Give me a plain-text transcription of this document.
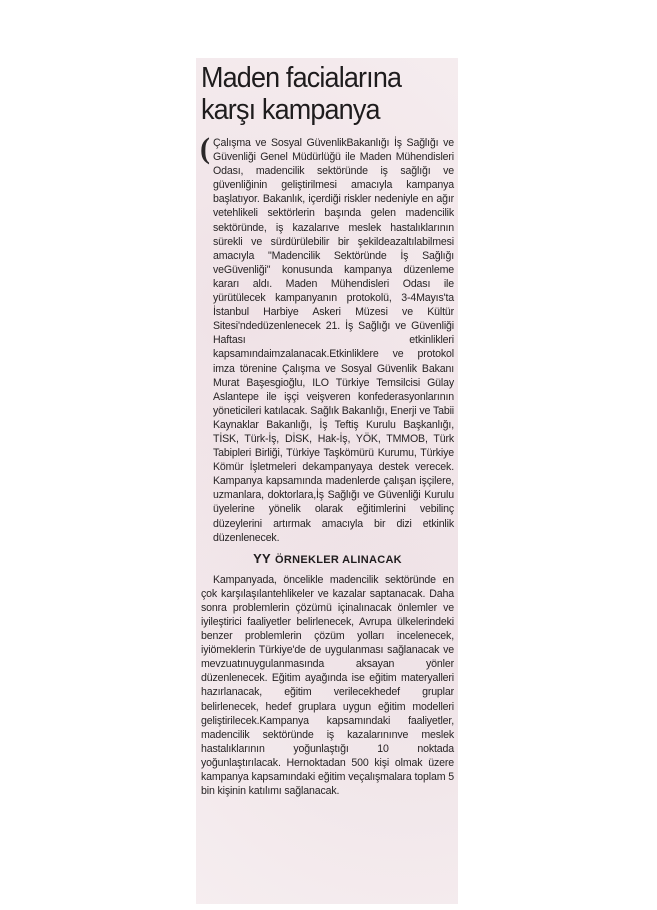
Maden facialarına karşı kampanya

( Çalışma ve Sosyal GüvenlikBakanlığı İş Sağlığı ve Güvenliği Genel Müdürlüğü ile Maden Mühendisleri Odası, madencilik sektöründe iş sağlığı ve güvenliğinin geliştirilmesi amacıyla kampanya başlatıyor. Bakanlık, içerdiği riskler nedeniyle en ağır vetehlikeli sektörlerin başında gelen madencilik sektöründe, iş kazalarıve meslek hastalıklarının sürekli ve sürdürülebilir bir şekildeazaltılabilmesi amacıyla "Madencilik Sektöründe İş Sağlığı veGüvenliği" konusunda kampanya düzenleme kararı aldı. Maden Mühendisleri Odası ile yürütülecek kampanyanın protokolü, 3-4Mayıs'ta İstanbul Harbiye Askeri Müzesi ve Kültür Sitesi'ndedüzenlenecek 21. İş Sağlığı ve Güvenliği Haftası etkinlikleri kapsamındaimzalanacak.Etkinliklere ve protokol imza törenine Çalışma ve Sosyal Güvenlik Bakanı Murat Başesgioğlu, ILO Türkiye Temsilcisi Gülay Aslantepe ile işçi veişveren konfederasyonlarının yöneticileri katılacak. Sağlık Bakanlığı, Enerji ve Tabii Kaynaklar Bakanlığı, İş Teftiş Kurulu Başkanlığı, TİSK, Türk-İş, DİSK, Hak-İş, YÖK, TMMOB, Türk Tabipleri Birliği, Türkiye Taşkömürü Kurumu, Türkiye Kömür İşletmeleri dekampanyaya destek verecek. Kampanya kapsamında madenlerde çalışan işçilere, uzmanlara, doktorlara,İş Sağlığı ve Güvenliği Kurulu üyelerine yönelik olarak eğitimlerini vebilinç düzeylerini artırmak amacıyla bir dizi etkinlik düzenlenecek.

YY ÖRNEKLER ALINACAK

Kampanyada, öncelikle madencilik sektöründe en çok karşılaşılantehlikeler ve kazalar saptanacak. Daha sonra problemlerin çözümü içinalınacak önlemler ve iyileştirici faaliyetler belirlenecek, Avrupa ülkelerindeki benzer problemlerin çözüm yolları incelenecek, iyiömeklerin Türkiye'de de uygulanması sağlanacak ve mevzuatınuygulanmasında aksayan yönler düzenlenecek. Eğitim ayağında ise eğitim materyalleri hazırlanacak, eğitim verilecekhedef gruplar belirlenecek, hedef gruplara uygun eğitim modelleri geliştirilecek.Kampanya kapsamındaki faaliyetler, madencilik sektöründe iş kazalarınınve meslek hastalıklarının yoğunlaştığı 10 noktada yoğunlaştırılacak. Hernoktadan 500 kişi olmak üzere kampanya kapsamındaki eğitim veçalışmalara toplam 5 bin kişinin katılımı sağlanacak.
